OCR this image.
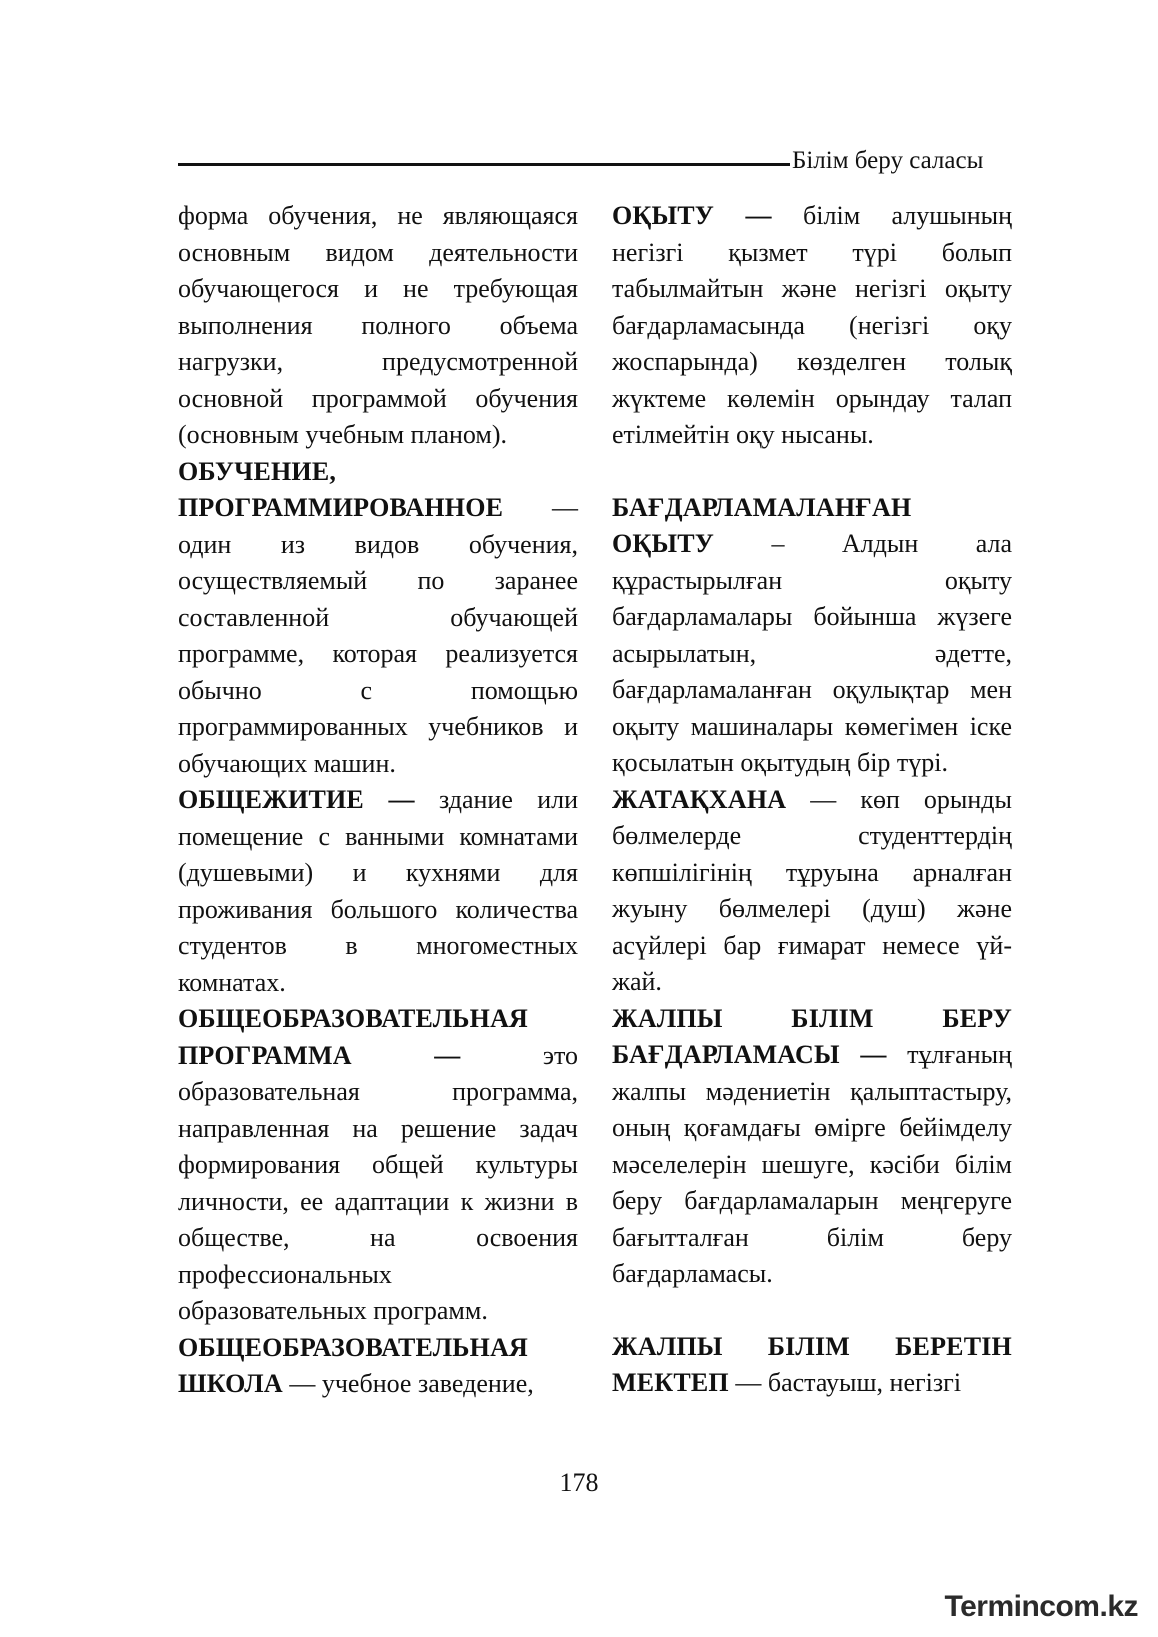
Білім беру саласы

форма обучения, не являющаяся основным видом деятельности обучающегося и не требующая выполнения полного объема нагрузки, предусмотренной основной программой обучения (основным учебным планом).

ОБУЧЕНИЕ, ПРОГРАММИРОВАННОЕ — один из видов обучения, осуществляемый по заранее составленной обучающей программе, которая реализуется обычно с помощью программированных учебников и обучающих машин.

ОБЩЕЖИТИЕ — здание или помещение с ванными комнатами (душевыми) и кухнями для проживания большого количества студентов в многоместных комнатах.

ОБЩЕОБРАЗОВАТЕЛЬНАЯ ПРОГРАММА — это образовательная программа, направленная на решение задач формирования общей культуры личности, ее адаптации к жизни в обществе, на освоения профессиональных образовательных программ.

ОБЩЕОБРАЗОВАТЕЛЬНАЯ ШКОЛА — учебное заведение,

ОҚЫТУ — білім алушының негізгі қызмет түрі болып табылмайтын және негізгі оқыту бағдарламасында (негізгі оқу жоспарында) көзделген толық жүктеме көлемін орындау талап етілмейтін оқу нысаны.

БАҒДАРЛАМАЛАНҒАН ОҚЫТУ – Алдын ала құрастырылған оқыту бағдарламалары бойынша жүзеге асырылатын, әдетте, бағдарламаланған оқулықтар мен оқыту машиналары көмегімен іске қосылатын оқытудың бір түрі.

ЖАТАҚХАНА — көп орынды бөлмелерде студенттердің көпшілігінің тұруына арналған жуыну бөлмелері (душ) және асүйлері бар ғимарат немесе үй-жай.

ЖАЛПЫ БІЛІМ БЕРУ БАҒДАРЛАМАСЫ — тұлғаның жалпы мәдениетін қалыптастыру, оның қоғамдағы өмірге бейімделу мәселелерін шешуге, кәсіби білім беру бағдарламаларын меңгеруге бағытталған білім беру бағдарламасы.

ЖАЛПЫ БІЛІМ БЕРЕТІН МЕКТЕП — бастауыш, негізгі

178
Termincom.kz
